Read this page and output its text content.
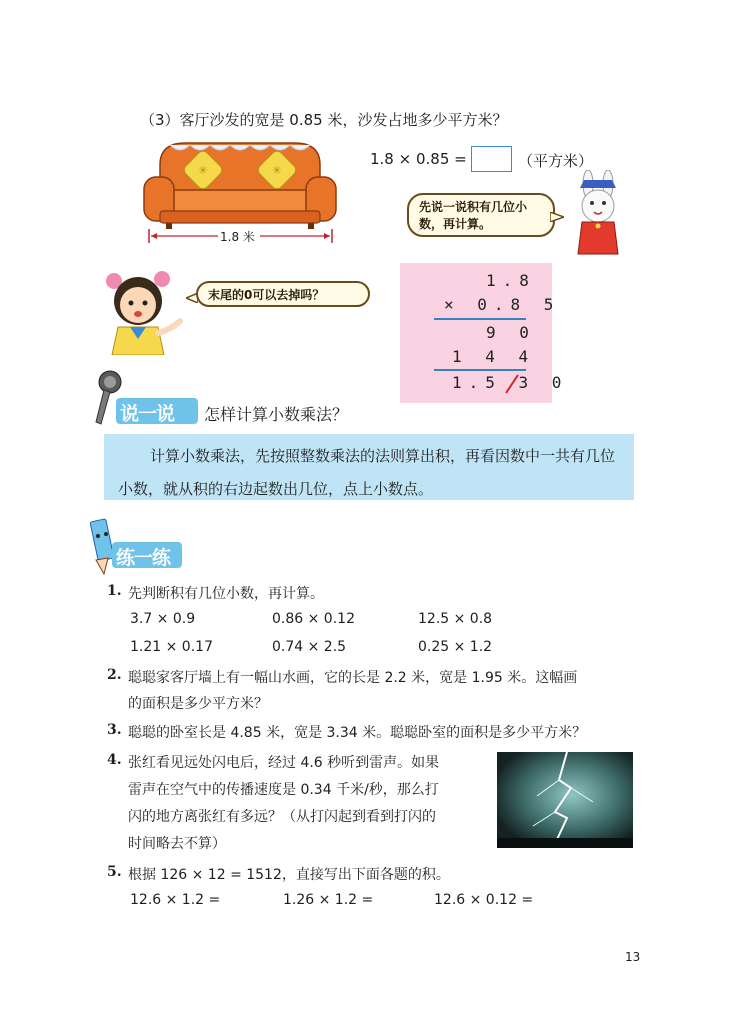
（3）客厅沙发的宽是 0.85 米，沙发占地多少平方米？
✳	✳
1.8 米
1.8 × 0.85 =	（平方米）
先说一说积有几位小数，再计算。
末尾的0可以去掉吗？
1.8
× 0.8 5
9 0
1 4 4
1.5 3 0
说一说 怎样计算小数乘法？
计算小数乘法，先按照整数乘法的法则算出积，再看因数中一共有几位小数，就从积的右边起数出几位，点上小数点。
练一练
1. 先判断积有几位小数，再计算。
3.7 × 0.9	0.86 × 0.12	12.5 × 0.8
1.21 × 0.17	0.74 × 2.5	0.25 × 1.2
2. 聪聪家客厅墙上有一幅山水画，它的长是 2.2 米，宽是 1.95 米。这幅画
的面积是多少平方米？
3. 聪聪的卧室长是 4.85 米，宽是 3.34 米。聪聪卧室的面积是多少平方米？
4. 张红看见远处闪电后，经过 4.6 秒听到雷声。如果
雷声在空气中的传播速度是 0.34 千米/秒，那么打
闪的地方离张红有多远？（从打闪起到看到打闪的
时间略去不算）
5. 根据 126 × 12 = 1512，直接写出下面各题的积。
12.6 × 1.2 =	1.26 × 1.2 =	12.6 × 0.12 =
13
